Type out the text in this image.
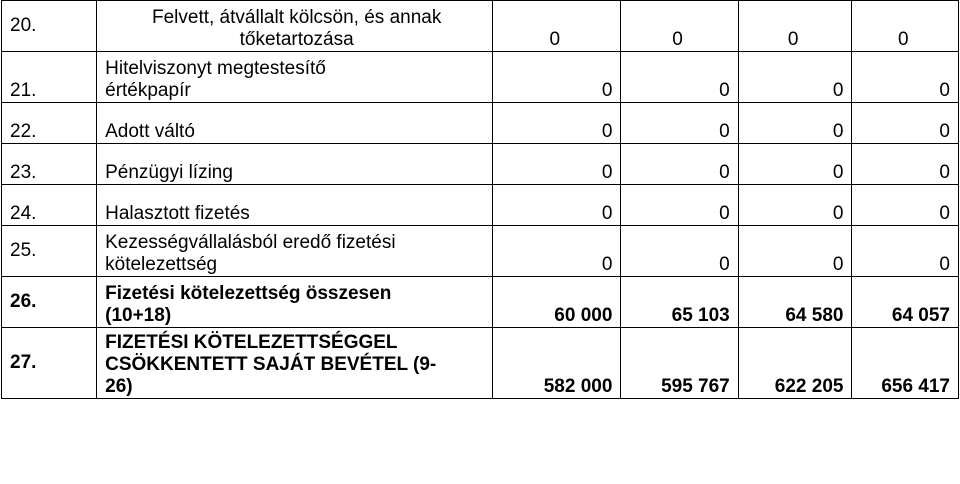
20.	Felvett, átvállalt kölcsön, és annak
tőketartozása	0	0	0	0
21.	Hitelviszonyt megtestesítő
értékpapír	0	0	0	0
22.	Adott váltó	0	0	0	0
23.	Pénzügyi lízing	0	0	0	0
24.	Halasztott fizetés	0	0	0	0
25.	Kezességvállalásból eredő fizetési
kötelezettség	0	0	0	0
26.	Fizetési kötelezettség összesen
(10+18)	60 000	65 103	64 580	64 057
27.	FIZETÉSI KÖTELEZETTSÉGGEL
CSÖKKENTETT SAJÁT BEVÉTEL (9-
26)	582 000	595 767	622 205	656 417
